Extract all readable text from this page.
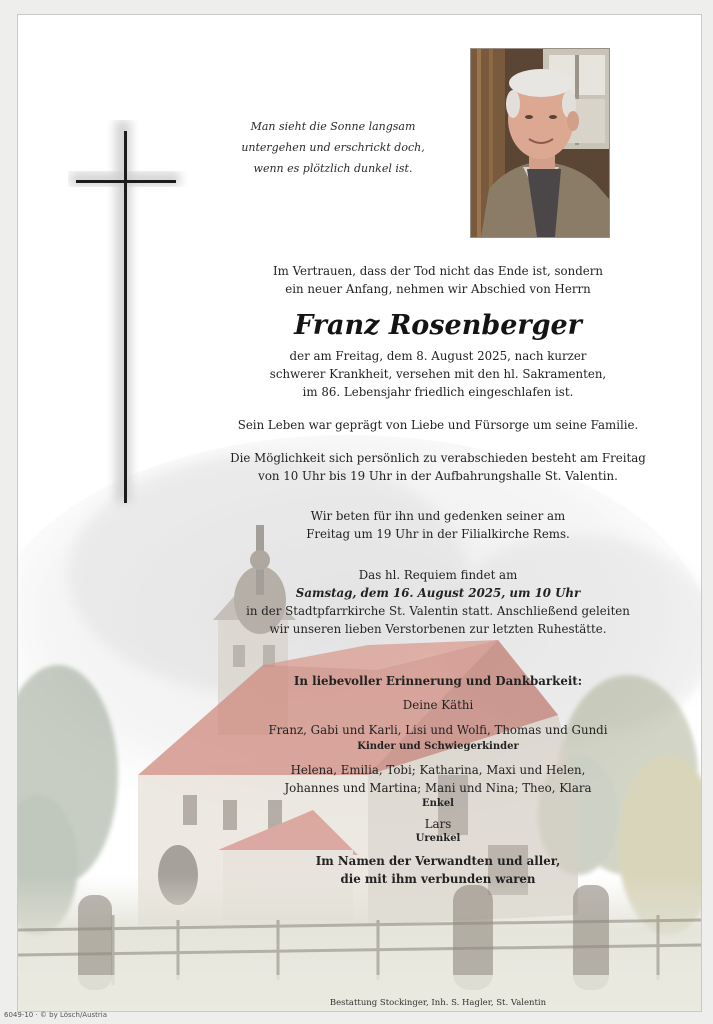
Man sieht die Sonne langsam
untergehen und erschrickt doch,
wenn es plötzlich dunkel ist.
Im Vertrauen, dass der Tod nicht das Ende ist, sondern
ein neuer Anfang, nehmen wir Abschied von Herrn
Franz Rosenberger
der am Freitag, dem 8. August 2025, nach kurzer
schwerer Krankheit, versehen mit den hl. Sakramenten,
im 86. Lebensjahr friedlich eingeschlafen ist.
Sein Leben war geprägt von Liebe und Fürsorge um seine Familie.
Die Möglichkeit sich persönlich zu verabschieden besteht am Freitag
von 10 Uhr bis 19 Uhr in der Aufbahrungshalle St. Valentin.
Wir beten für ihn und gedenken seiner am
Freitag um 19 Uhr in der Filialkirche Rems.
Das hl. Requiem findet am
Samstag, dem 16. August 2025, um 10 Uhr
in der Stadtpfarrkirche St. Valentin statt. Anschließend geleiten
wir unseren lieben Verstorbenen zur letzten Ruhestätte.
In liebevoller Erinnerung und Dankbarkeit:
Deine Käthi
Franz, Gabi und Karli, Lisi und Wolfi, Thomas und Gundi
Kinder und Schwiegerkinder
Helena, Emilia, Tobi; Katharina, Maxi und Helen,
Johannes und Martina; Mani und Nina; Theo, Klara
Enkel
Lars
Urenkel
Im Namen der Verwandten und aller,
die mit ihm verbunden waren
Bestattung Stockinger, Inh. S. Hagler, St. Valentin
6049-10 · © by Lösch/Austria
